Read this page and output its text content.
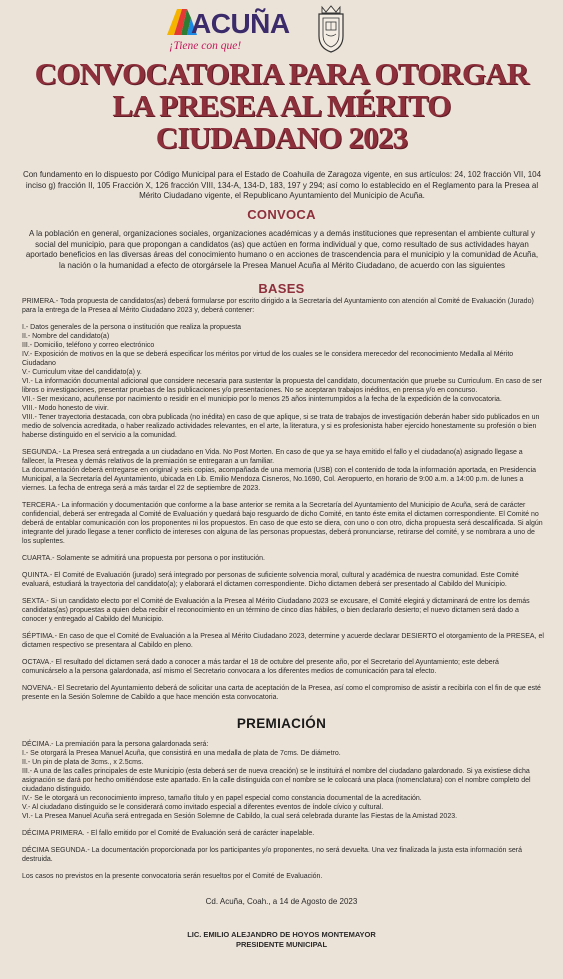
ACUÑA
¡Tiene con que!
CONVOCATORIA PARA OTORGAR
LA PRESEA AL MÉRITO
CIUDADANO 2023
Con fundamento en lo dispuesto por Código Municipal para el Estado de Coahuila de Zaragoza vigente, en sus artículos: 24, 102 fracción VII, 104 inciso g) fracción II, 105 Fracción X, 126 fracción VIII, 134-A, 134-D, 183, 197 y 294; así como lo establecido en el Reglamento para la Presea al Mérito Ciudadano vigente, el Republicano Ayuntamiento del Municipio de Acuña.
CONVOCA
A la población en general, organizaciones sociales, organizaciones académicas y a demás instituciones que representan el ambiente cultural y social del municipio, para que propongan a candidatos (as) que actúen en forma individual y que, como resultado de sus actividades hayan aportado beneficios en las diversas áreas del conocimiento humano o en acciones de trascendencia para el municipio y la comunidad de Acuña, la nación o la humanidad a efecto de otorgársele la Presea Manuel Acuña al Mérito Ciudadano, de acuerdo con las siguientes
BASES

PRIMERA.- Toda propuesta de candidatos(as) deberá formularse por escrito dirigido a la Secretaría del Ayuntamiento con atención al Comité de Evaluación (Jurado) para la entrega de la Presea al Mérito Ciudadano 2023 y, deberá contener:

I.- Datos generales de la persona o institución que realiza la propuesta

II.- Nombre del candidato(a)

III.- Domicilio, teléfono y correo electrónico

IV.- Exposición de motivos en la que se deberá especificar los méritos por virtud de los cuales se le considera merecedor del reconocimiento Medalla al Mérito Ciudadano

V.- Curriculum vitae del candidato(a) y.

VI.- La información documental adicional que considere necesaria para sustentar la propuesta del candidato, documentación que pruebe su Curriculum. En caso de ser libros o investigaciones, presentar pruebas de las publicaciones y/o presentaciones. No se aceptaran trabajos inéditos, en prensa y/o en concurso.

VII.- Ser mexicano, acuñense por nacimiento o residir en el municipio por lo menos 25 años ininterrumpidos a la fecha de la expedición de la convocatoria.

VIII.- Modo honesto de vivir.

VIII.- Tener trayectoria destacada, con obra publicada (no inédita) en caso de que aplique, si se trata de trabajos de investigación deberán haber sido publicados en un medio de solvencia acreditada, o haber realizado actividades relevantes, en el arte, la literatura, y si es profesionista haber ejercido honestamente su profesión o bien haberse distinguido en el servicio a la comunidad.

SEGUNDA.- La Presea será entregada a un ciudadano en Vida. No Post Morten. En caso de que ya se haya emitido el fallo y el ciudadano(a) asignado llegase a fallecer, la Presea y demás relativos de la premiación se entregaran a un familiar.

La documentación deberá entregarse en original y seis copias, acompañada de una memoria (USB) con el contenido de toda la información aportada, en Presidencia Municipal, a la Secretaría del Ayuntamiento, ubicada en Lib. Emilio Mendoza Cisneros, No.1690, Col. Aeropuerto, en horario de 9:00 a.m. a 14:00 p.m. de lunes a viernes. La fecha de entrega será a más tardar el 22 de septiembre de 2023.

TERCERA.- La información y documentación que conforme a la base anterior se remita a la Secretaría del Ayuntamiento del Municipio de Acuña, será de carácter confidencial, deberá ser entregada al Comité de Evaluación y quedará bajo resguardo de dicho Comité, en tanto éste emita el dictamen correspondiente. El Comité no deberá de entablar comunicación con los proponentes ni los propuestos. En caso de que esto se diera, con uno o con otro, dicha propuesta será descalificada. Si algún integrante del jurado llegase a tener conflicto de intereses con alguna de las personas propuestas, deberá pronunciarse, retirarse del comité, y se nombrara a uno de los suplentes.

CUARTA.- Solamente se admitirá una propuesta por persona o por institución.

QUINTA.- El Comité de Evaluación (jurado) será integrado por personas de suficiente solvencia moral, cultural y académica de nuestra comunidad. Este Comité evaluará, estudiará la trayectoria del candidato(a); y elaborará el dictamen correspondiente. Dicho dictamen deberá ser presentado al Cabildo del Municipio.

SEXTA.- Si un candidato electo por el Comité de Evaluación a la Presea al Mérito Ciudadano 2023 se excusare, el Comité elegirá y dictaminará de entre los demás candidatas(as) propuestas a quien deba recibir el reconocimiento en un término de cinco días hábiles, o bien declararlo desierto; el nuevo dictamen será dado a conocer y entregado al Cabildo del Municipio.

SÉPTIMA.- En caso de que el Comité de Evaluación a la Presea al Mérito Ciudadano 2023, determine y acuerde declarar DESIERTO el otorgamiento de la PRESEA, el dictamen respectivo se presentara al Cabildo en pleno.

OCTAVA.- El resultado del dictamen será dado a conocer a más tardar el 18 de octubre del presente año, por el Secretario del Ayuntamiento; este deberá comunicárselo a la persona galardonada, así mismo el Secretario convocara a los diferentes medios de comunicación para tal efecto.

NOVENA.- El Secretario del Ayuntamiento deberá de solicitar una carta de aceptación de la Presea, así como el compromiso de asistir a recibirla con el fin de que esté presente en la Sesión Solemne de Cabildo a que hace mención esta convocatoria.

PREMIACIÓN

DÉCIMA.- La premiación para la persona galardonada será:

I.- Se otorgará la Presea Manuel Acuña, que consistirá en una medalla de plata de 7cms. De diámetro.

II.- Un pin de plata de 3cms., x 2.5cms.

III.- A una de las calles principales de este Municipio (esta deberá ser de nueva creación) se le instituirá el nombre del ciudadano galardonado. Si ya existiese dicha asignación se dará por hecho omitiéndose este apartado. En la calle distinguida con el nombre se le colocará una placa (nomenclatura) con el nombre completo del ciudadano distinguido.

IV.- Se le otorgará un reconocimiento impreso, tamaño título y en papel especial como constancia documental de la acreditación.

V.- Al ciudadano distinguido se le considerará como invitado especial a diferentes eventos de índole cívico y cultural.

VI.- La Presea Manuel Acuña será entregada en Sesión Solemne de Cabildo, la cual será celebrada durante las Fiestas de la Amistad 2023.

DÉCIMA PRIMERA. - El fallo emitido por el Comité de Evaluación será de carácter inapelable.

DÉCIMA SEGUNDA.- La documentación proporcionada por los participantes y/o proponentes, no será devuelta. Una vez finalizada la justa esta información será destruida.

Los casos no previstos en la presente convocatoria serán resueltos por el Comité de Evaluación.

Cd. Acuña, Coah., a 14 de Agosto de 2023
LIC. EMILIO ALEJANDRO DE HOYOS MONTEMAYOR
PRESIDENTE MUNICIPAL
